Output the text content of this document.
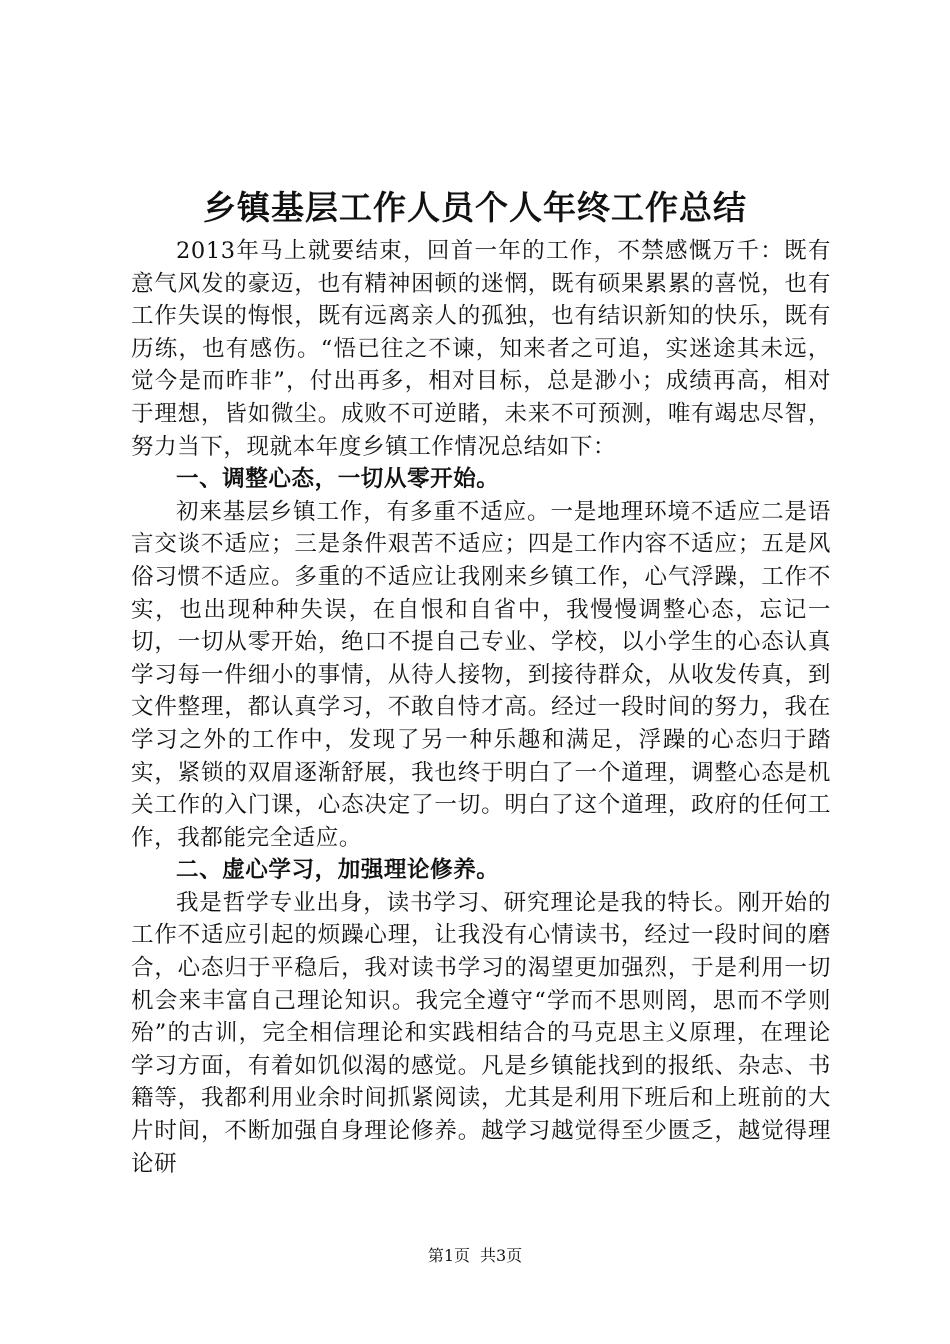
乡镇基层工作人员个人年终工作总结

2013年马上就要结束，回首一年的工作，不禁感慨万千：既有意气风发的豪迈，也有精神困顿的迷惘，既有硕果累累的喜悦，也有工作失误的悔恨，既有远离亲人的孤独，也有结识新知的快乐，既有历练，也有感伤。“悟已往之不谏，知来者之可追，实迷途其未远，觉今是而昨非”，付出再多，相对目标，总是渺小；成绩再高，相对于理想，皆如微尘。成败不可逆睹，未来不可预测，唯有竭忠尽智，努力当下，现就本年度乡镇工作情况总结如下：

一、调整心态，一切从零开始。

初来基层乡镇工作，有多重不适应。一是地理环境不适应二是语言交谈不适应；三是条件艰苦不适应；四是工作内容不适应；五是风俗习惯不适应。多重的不适应让我刚来乡镇工作，心气浮躁，工作不实，也出现种种失误，在自恨和自省中，我慢慢调整心态，忘记一切，一切从零开始，绝口不提自己专业、学校，以小学生的心态认真学习每一件细小的事情，从待人接物，到接待群众，从收发传真，到文件整理，都认真学习，不敢自恃才高。经过一段时间的努力，我在学习之外的工作中，发现了另一种乐趣和满足，浮躁的心态归于踏实，紧锁的双眉逐渐舒展，我也终于明白了一个道理，调整心态是机关工作的入门课，心态决定了一切。明白了这个道理，政府的任何工作，我都能完全适应。

二、虚心学习，加强理论修养。

我是哲学专业出身，读书学习、研究理论是我的特长。刚开始的工作不适应引起的烦躁心理，让我没有心情读书，经过一段时间的磨合，心态归于平稳后，我对读书学习的渴望更加强烈，于是利用一切机会来丰富自己理论知识。我完全遵守“学而不思则罔，思而不学则殆”的古训，完全相信理论和实践相结合的马克思主义原理，在理论学习方面，有着如饥似渴的感觉。凡是乡镇能找到的报纸、杂志、书籍等，我都利用业余时间抓紧阅读，尤其是利用下班后和上班前的大片时间，不断加强自身理论修养。越学习越觉得至少匮乏，越觉得理论研

第1页 共3页
